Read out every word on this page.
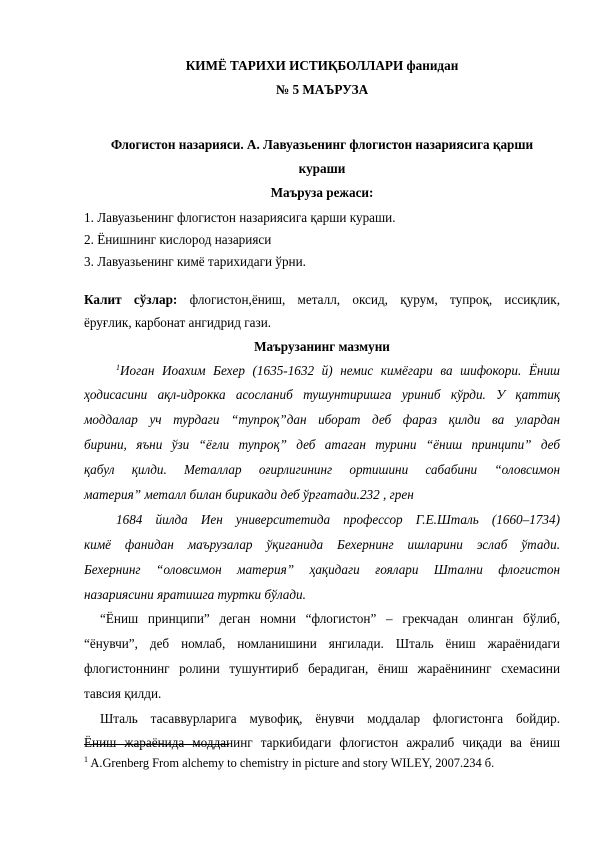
КИМЁ ТАРИХИ ИСТИҚБОЛЛАРИ фанидан
№ 5 МАЪРУЗА
Флогистон назарияси. А. Лавуазьенинг флогистон назариясига қарши
кураши
Маъруза режаси:
1. Лавуазьенинг флогистон назариясига қарши кураши.
2. Ёнишнинг кислород назарияси
3. Лавуазьенинг кимё тарихидаги ўрни.
Калит сўзлар: флогистон,ёниш, металл, оксид, қурум, тупроқ, иссиқлик,
ёруғлик, карбонат ангидрид гази.
Маърузанинг мазмуни
$^1$Иоган Иоахим Бехер (1635-1632 й) немис кимёгари ва шифокори. Ёниш
ҳодисасини ақл-идрокка асосланиб тушунтиришга уриниб кўрди. У қаттиқ
моддалар уч турдаги “тупроқ”дан иборат деб фараз қилди ва улардан
бирини, яъни ўзи “ёғли тупроқ” деб атаган турини “ёниш принципи” деб
қабул қилди. Металлар оғирлигининг ортишини сабабини “оловсимон
материя” металл билан бирикади деб ўргатади.232 , грен
1684 йилда Иен университетида профессор Г.Е.Шталь (1660–1734)
кимё фанидан маърузалар ўқиганида Бехернинг ишларини эслаб ўтади.
Бехернинг “оловсимон материя” ҳақидаги ғоялари Штални флогистон
назариясини яратишга туртки бўлади.
“Ёниш принципи” деган номни “флогистон” – грекчадан олинган бўлиб,
“ёнувчи”, деб номлаб, номланишини янгилади. Шталь ёниш жараёнидаги
флогистоннинг ролини тушунтириб берадиган, ёниш жараёнининг схемасини
тавсия қилди.
Шталь тасаввурларига мувофиқ, ёнувчи моддалар флогистонга бойдир.
Ёниш жараёнида модданинг таркибидаги флогистон ажралиб чиқади ва ёниш
$^1$ A.Grenberg From alchemy to chemistry in picture and story WILEY, 2007.234 б.
